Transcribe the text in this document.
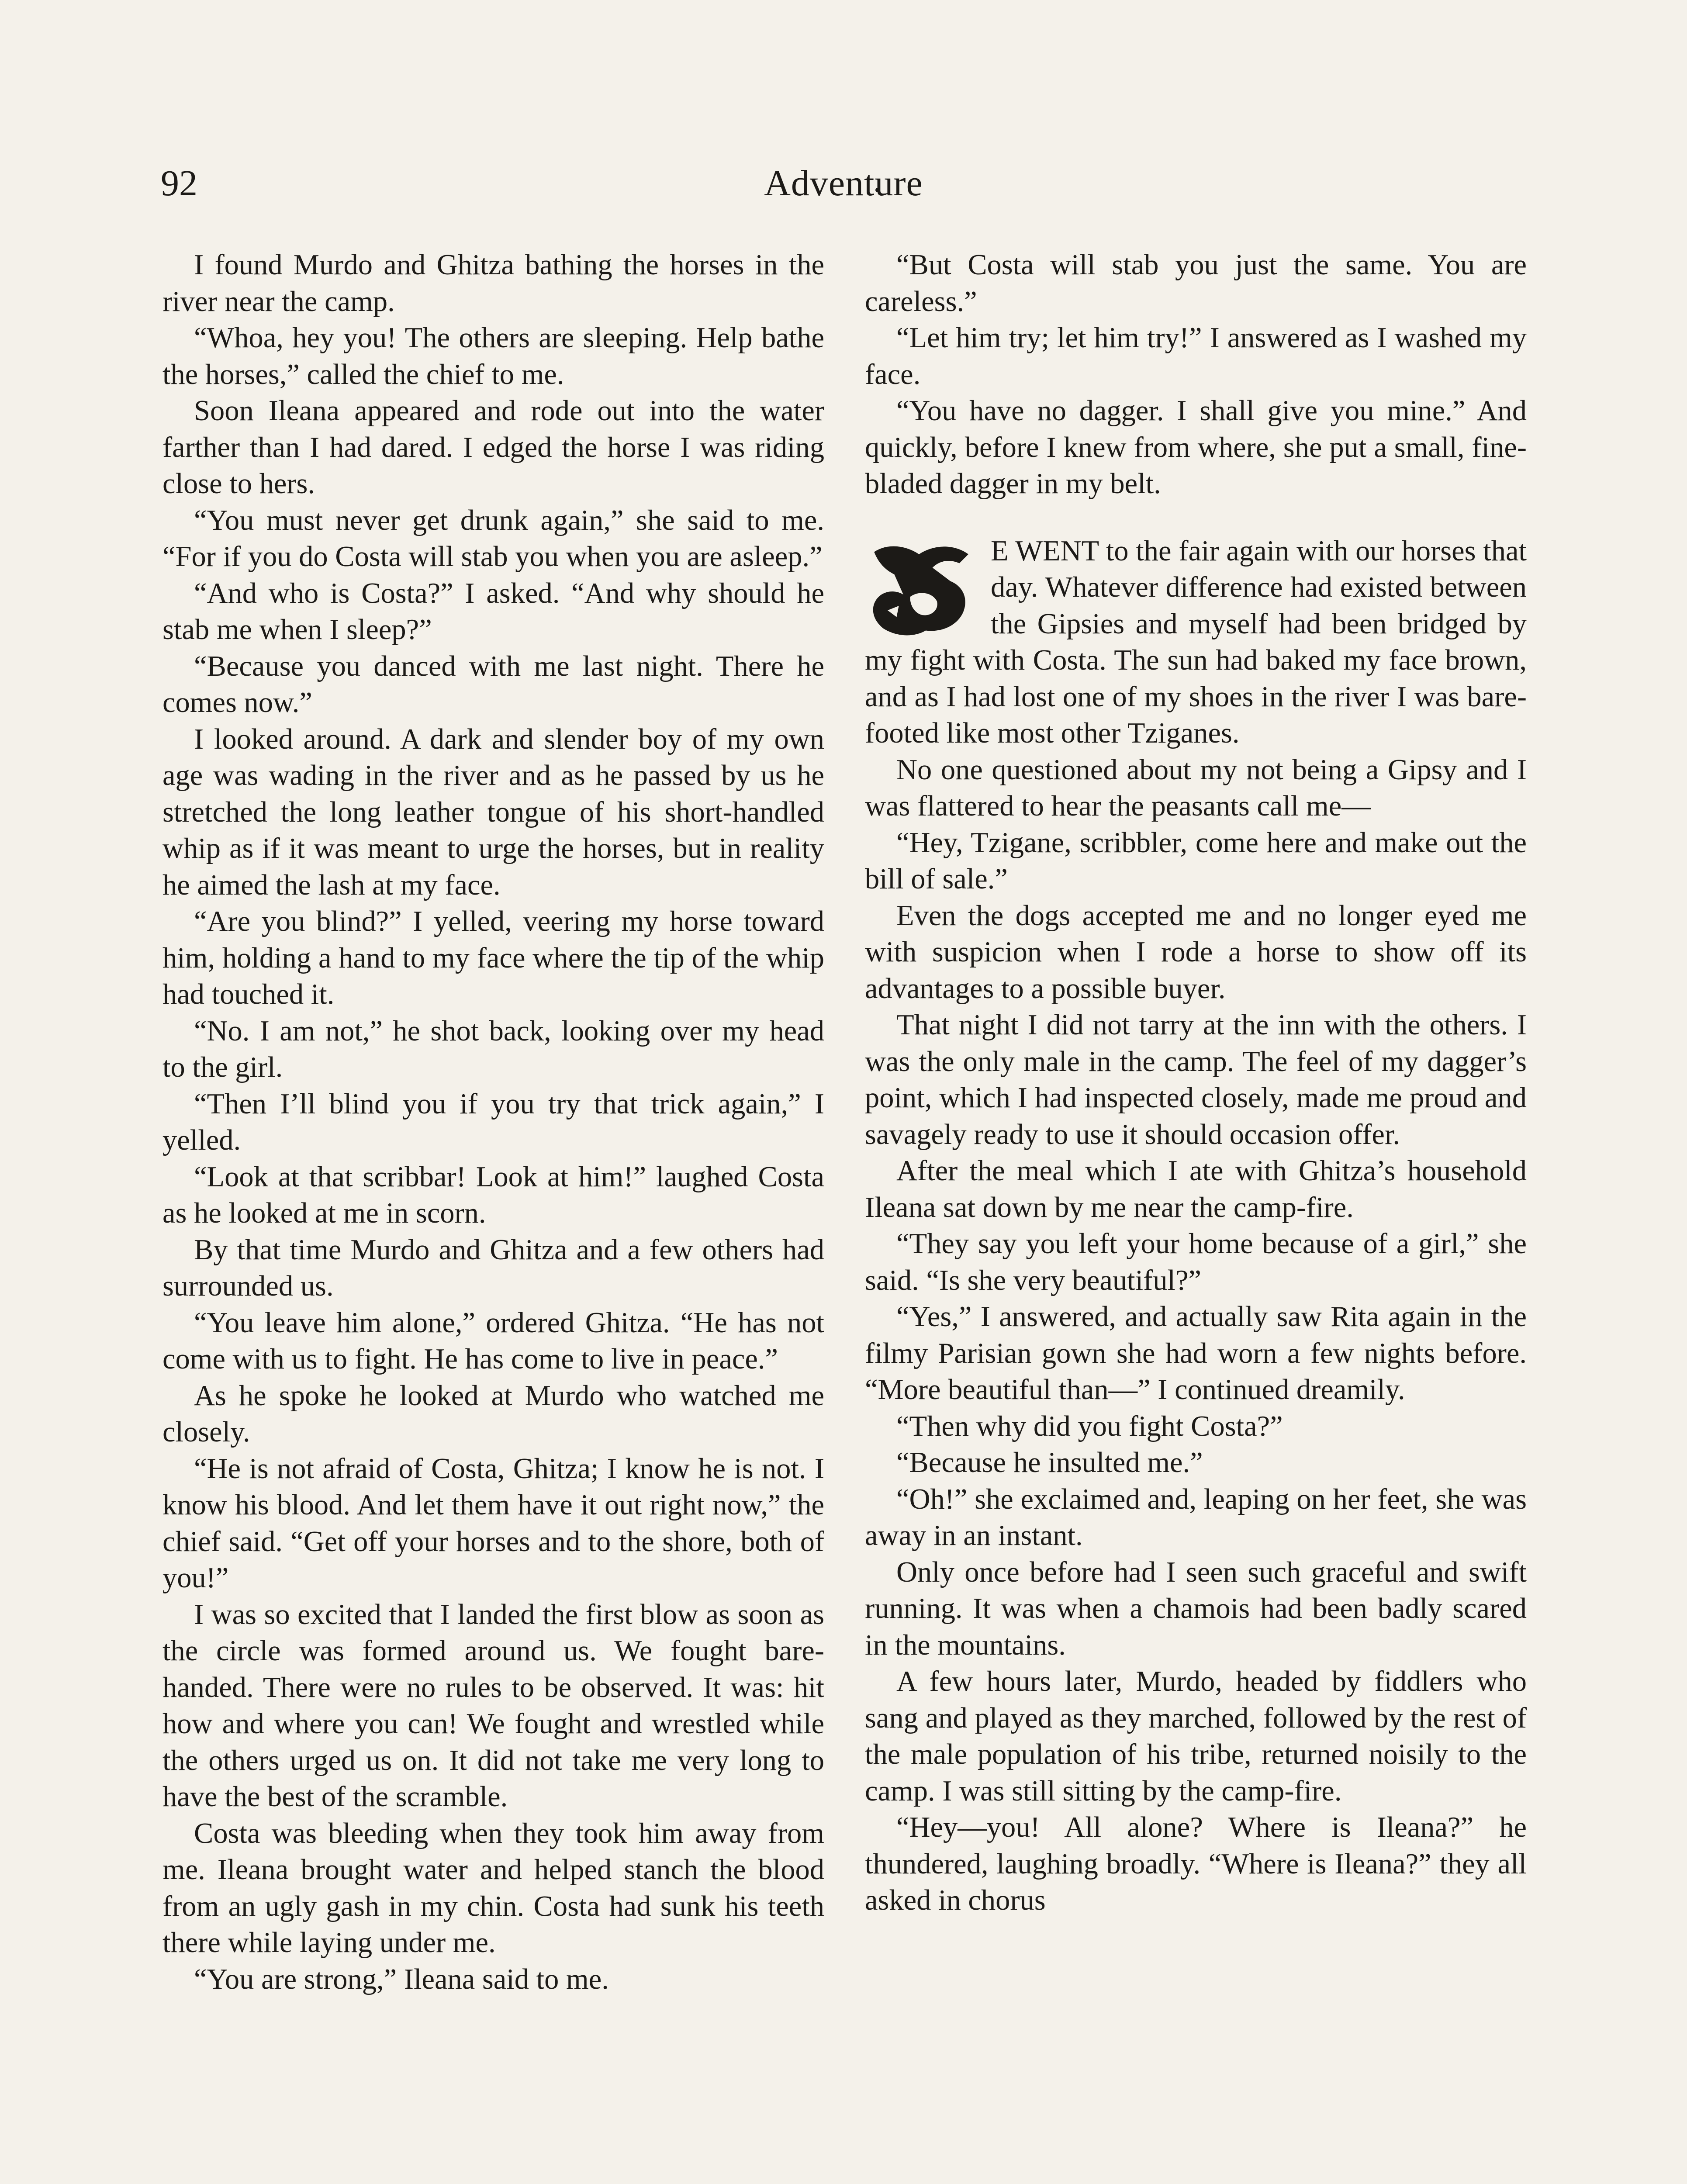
92	Adventure

I found Murdo and Ghitza bathing the horses in the river near the camp.

“Whoa, hey you! The others are sleeping. Help bathe the horses,” called the chief to me.

Soon Ileana appeared and rode out into the water farther than I had dared. I edged the horse I was riding close to hers.

“You must never get drunk again,” she said to me. “For if you do Costa will stab you when you are asleep.”

“And who is Costa?” I asked. “And why should he stab me when I sleep?”

“Because you danced with me last night. There he comes now.”

I looked around. A dark and slender boy of my own age was wading in the river and as he passed by us he stretched the long leather tongue of his short-handled whip as if it was meant to urge the horses, but in reality he aimed the lash at my face.

“Are you blind?” I yelled, veering my horse toward him, holding a hand to my face where the tip of the whip had touched it.

“No. I am not,” he shot back, looking over my head to the girl.

“Then I’ll blind you if you try that trick again,” I yelled.

“Look at that scribbar! Look at him!” laughed Costa as he looked at me in scorn.

By that time Murdo and Ghitza and a few others had surrounded us.

“You leave him alone,” ordered Ghitza. “He has not come with us to fight. He has come to live in peace.”

As he spoke he looked at Murdo who watched me closely.

“He is not afraid of Costa, Ghitza; I know he is not. I know his blood. And let them have it out right now,” the chief said. “Get off your horses and to the shore, both of you!”

I was so excited that I landed the first blow as soon as the circle was formed around us. We fought bare-handed. There were no rules to be observed. It was: hit how and where you can! We fought and wrestled while the others urged us on. It did not take me very long to have the best of the scramble.

Costa was bleeding when they took him away from me. Ileana brought water and helped stanch the blood from an ugly gash in my chin. Costa had sunk his teeth there while laying under me.

“You are strong,” Ileana said to me.

“But Costa will stab you just the same. You are careless.”

“Let him try; let him try!” I answered as I washed my face.

“You have no dagger. I shall give you mine.” And quickly, before I knew from where, she put a small, fine-bladed dagger in my belt.

E WENT to the fair again with our horses that day. Whatever difference had existed between the Gipsies and myself had been bridged by my fight with Costa. The sun had baked my face brown, and as I had lost one of my shoes in the river I was bare-footed like most other Tziganes.

No one questioned about my not being a Gipsy and I was flattered to hear the peasants call me—

“Hey, Tzigane, scribbler, come here and make out the bill of sale.”

Even the dogs accepted me and no longer eyed me with suspicion when I rode a horse to show off its advantages to a possible buyer.

That night I did not tarry at the inn with the others. I was the only male in the camp. The feel of my dagger’s point, which I had inspected closely, made me proud and savagely ready to use it should occasion offer.

After the meal which I ate with Ghitza’s household Ileana sat down by me near the camp-fire.

“They say you left your home because of a girl,” she said. “Is she very beautiful?”

“Yes,” I answered, and actually saw Rita again in the filmy Parisian gown she had worn a few nights before. “More beautiful than—” I continued dreamily.

“Then why did you fight Costa?”

“Because he insulted me.”

“Oh!” she exclaimed and, leaping on her feet, she was away in an instant.

Only once before had I seen such graceful and swift running. It was when a chamois had been badly scared in the mountains.

A few hours later, Murdo, headed by fiddlers who sang and played as they marched, followed by the rest of the male population of his tribe, returned noisily to the camp. I was still sitting by the camp-fire.

“Hey—you! All alone? Where is Ileana?” he thundered, laughing broadly. “Where is Ileana?” they all asked in chorus
